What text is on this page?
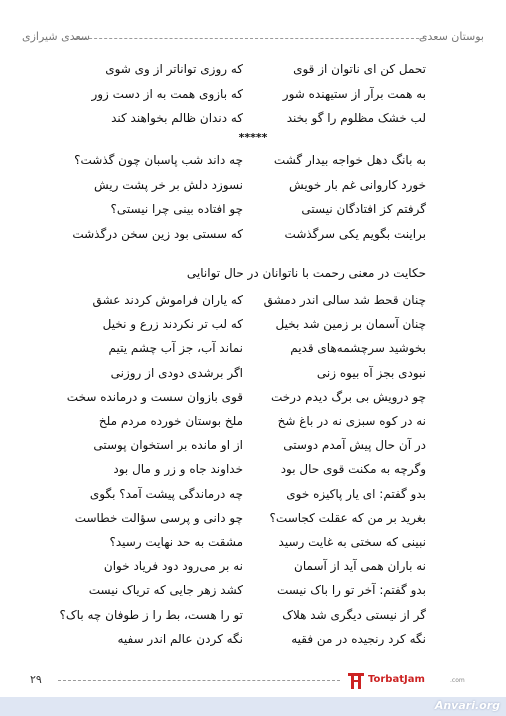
بوستان سعدی
سعدی شیرازی
تحمل کن ای ناتوان از قوی
که روزی تواناتر از وی شوی
به همت برآر از ستیهنده شور
که بازوی همت به از دست زور
لب خشک مظلوم را گو بخند
که دندان ظالم بخواهند کند
*****
به بانگ دهل خواجه بیدار گشت
چه داند شب پاسبان چون گذشت؟
خورد کاروانی غم بار خویش
نسوزد دلش بر خر پشت ریش
گرفتم کز افتادگان نیستی
چو افتاده بینی چرا نیستی؟
براینت بگویم یکی سرگذشت
که سستی بود زین سخن درگذشت
حکایت در معنی رحمت با ناتوانان در حال توانایی
چنان قحط شد سالی اندر دمشق
که یاران فراموش کردند عشق
چنان آسمان بر زمین شد بخیل
که لب تر نکردند زرع و نخیل
بخوشید سرچشمه‌های قدیم
نماند آب، جز آب چشم یتیم
نبودی بجز آه بیوه زنی
اگر برشدی دودی از روزنی
چو درویش بی برگ دیدم درخت
قوی بازوان سست و درمانده سخت
نه در کوه سبزی نه در باغ شخ
ملخ بوستان خورده مردم ملخ
در آن حال پیش آمدم دوستی
از او مانده بر استخوان پوستی
وگرچه به مکنت قوی حال بود
خداوند جاه و زر و مال بود
بدو گفتم: ای یار پاکیزه خوی
چه درماندگی پیشت آمد؟ بگوی
بغرید بر من که عقلت کجاست؟
چو دانی و پرسی سؤالت خطاست
نبینی که سختی به غایت رسید
مشقت به حد نهایت رسید؟
نه باران همی آید از آسمان
نه بر می‌رود دود فریاد خوان
بدو گفتم: آخر تو را باک نیست
کشد زهر جایی که تریاک نیست
گر از نیستی دیگری شد هلاک
تو را هست، بط را ز طوفان چه باک؟
نگه کرد رنجیده در من فقیه
نگه کردن عالم اندر سفیه
۲۹	TorbatJam	.com
Anvari.org
